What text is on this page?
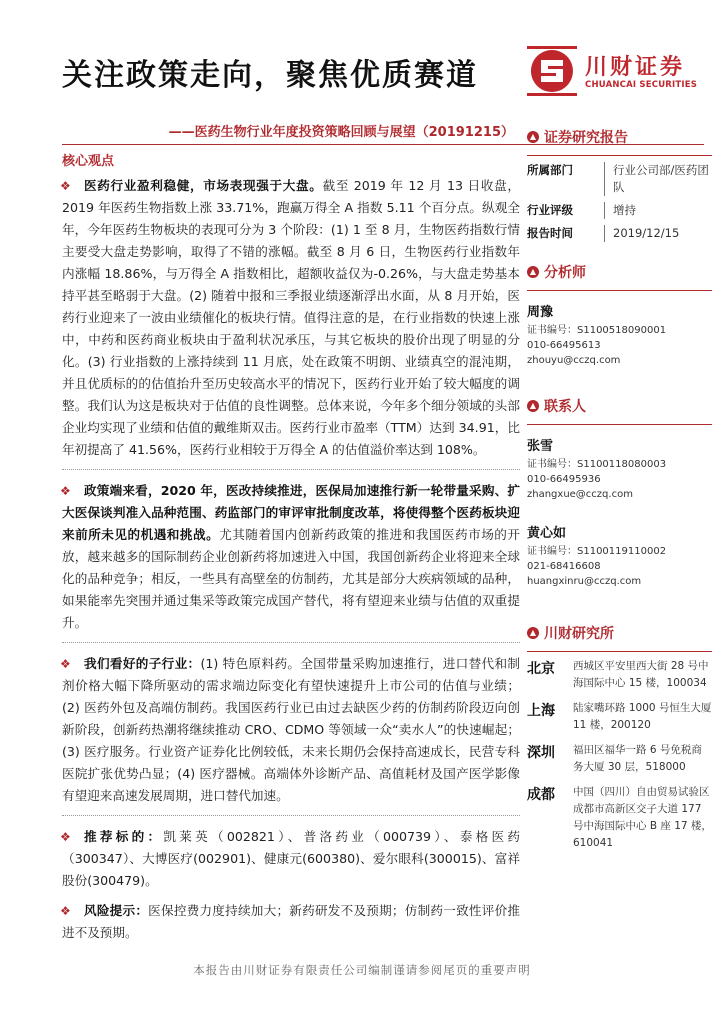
关注政策走向，聚焦优质赛道	川财证券
CHUANCAI SECURITIES
——医药生物行业年度投资策略回顾与展望（20191215）
核心观点
❖	医药行业盈利稳健，市场表现强于大盘。截至 2019 年 12 月 13 日收盘，2019 年医药生物指数上涨 33.71%，跑赢万得全 A 指数 5.11 个百分点。纵观全年，今年医药生物板块的表现可分为 3 个阶段：(1) 1 至 8 月，生物医药指数行情主要受大盘走势影响，取得了不错的涨幅。截至 8 月 6 日，生物医药行业指数年内涨幅 18.86%，与万得全 A 指数相比，超额收益仅为-0.26%，与大盘走势基本持平甚至略弱于大盘。(2) 随着中报和三季报业绩逐渐浮出水面，从 8 月开始，医药行业迎来了一波由业绩催化的板块行情。值得注意的是，在行业指数的快速上涨中，中药和医药商业板块由于盈利状况承压，与其它板块的股价出现了明显的分化。(3) 行业指数的上涨持续到 11 月底，处在政策不明朗、业绩真空的混沌期，并且优质标的的估值抬升至历史较高水平的情况下，医药行业开始了较大幅度的调整。我们认为这是板块对于估值的良性调整。总体来说，今年多个细分领域的头部企业均实现了业绩和估值的戴维斯双击。医药行业市盈率（TTM）达到 34.91，比年初提高了 41.56%，医药行业相较于万得全 A 的估值溢价率达到 108%。
❖	政策端来看，2020 年，医改持续推进，医保局加速推行新一轮带量采购、扩大医保谈判准入品种范围、药监部门的审评审批制度改革，将使得整个医药板块迎来前所未见的机遇和挑战。尤其随着国内创新药政策的推进和我国医药市场的开放，越来越多的国际制药企业创新药将加速进入中国，我国创新药企业将迎来全球化的品种竞争；相反，一些具有高壁垒的仿制药，尤其是部分大疾病领域的品种，如果能率先突围并通过集采等政策完成国产替代，将有望迎来业绩与估值的双重提升。
❖	我们看好的子行业：(1) 特色原料药。全国带量采购加速推行，进口替代和制剂价格大幅下降所驱动的需求端边际变化有望快速提升上市公司的估值与业绩；(2) 医药外包及高端仿制药。我国医药行业已由过去缺医少药的仿制药阶段迈向创新阶段，创新药热潮将继续推动 CRO、CDMO 等领域一众“卖水人”的快速崛起；(3) 医疗服务。行业资产证券化比例较低，未来长期仍会保持高速成长，民营专科医院扩张优势凸显；(4) 医疗器械。高端体外诊断产品、高值耗材及国产医学影像有望迎来高速发展周期，进口替代加速。
❖	推荐标的：凯莱英（002821）、普洛药业（000739）、泰格医药（300347）、大博医疗(002901)、健康元(600380)、爱尔眼科(300015)、富祥股份(300479)。
❖	风险提示：医保控费力度持续加大；新药研发不及预期；仿制药一致性评价推进不及预期。
▲ 证券研究报告
所属部门	行业公司部/医药团队
行业评级	增持
报告时间	2019/12/15
▲ 分析师
周豫
证书编号：S1100518090001
010-66495613
zhouyu@cczq.com
▲ 联系人
张雪
证书编号：S1100118080003
010-66495936
zhangxue@cczq.com
黄心如
证书编号：S1100119110002
021-68416608
huangxinru@cczq.com
▲ 川财研究所
北京	西城区平安里西大街 28 号中海国际中心 15 楼，100034
上海	陆家嘴环路 1000 号恒生大厦 11 楼，200120
深圳	福田区福华一路 6 号免税商务大厦 30 层，518000
成都	中国（四川）自由贸易试验区成都市高新区交子大道 177 号中海国际中心 B 座 17 楼，610041
本报告由川财证券有限责任公司编制谨请参阅尾页的重要声明
